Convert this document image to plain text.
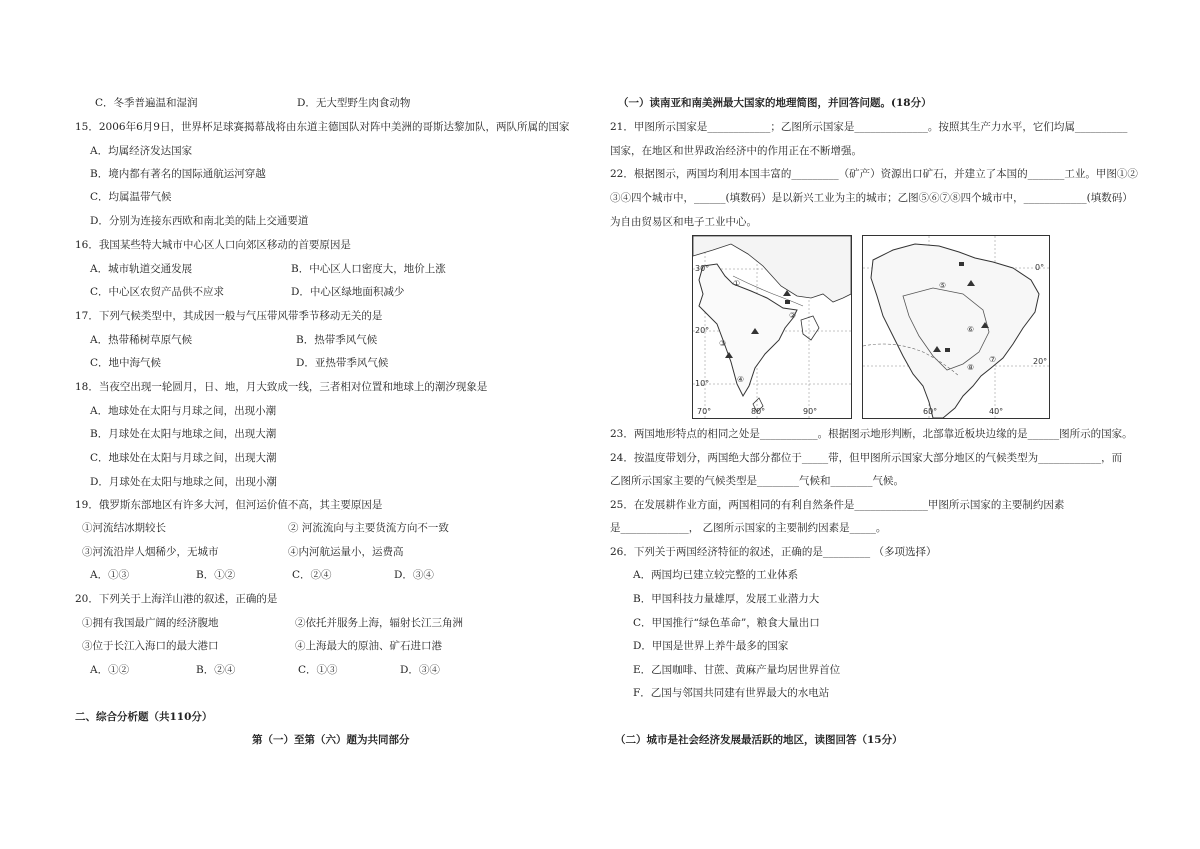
二、综合分析题（共110分）
第（一）至第（六）题为共同部分
（一）读南亚和南美洲最大国家的地理简图，并回答问题。(18分）
（二）城市是社会经济发展最活跃的地区，读图回答（15分）
①
②
③
④
30°
20°
10°
70°	80°	90°
⑤
⑥
⑦
⑧
0°
20°
60°	40°
C．冬季普遍温和湿润	D．无大型野生肉食动物
15．2006年6月9日，世界杯足球赛揭幕战将由东道主德国队对阵中美洲的哥斯达黎加队，两队所属的国家
A．均属经济发达国家
B．境内都有著名的国际通航运河穿越
C．均属温带气候
D．分别为连接东西欧和南北美的陆上交通要道
16．我国某些特大城市中心区人口向郊区移动的首要原因是
A．城市轨道交通发展	B．中心区人口密度大，地价上涨
C．中心区农贸产品供不应求	D．中心区绿地面积减少
17．下列气候类型中，其成因一般与气压带风带季节移动无关的是
A．热带稀树草原气候	B．热带季风气候
C．地中海气候	D．亚热带季风气候
18．当夜空出现一轮圆月，日、地，月大致成一线，三者相对位置和地球上的潮汐现象是
A．地球处在太阳与月球之间，出现小潮
B．月球处在太阳与地球之间，出现大潮
C．地球处在太阳与月球之间，出现大潮
D．月球处在太阳与地球之间，出现小潮
19．俄罗斯东部地区有许多大河，但河运价值不高，其主要原因是
①河流结冰期较长	② 河流流向与主要货流方向不一致
③河流沿岸人烟稀少，无城市	④内河航运量小，运费高
A．①③	B．①②	C．②④	D．③④
20．下列关于上海洋山港的叙述，正确的是
①拥有我国最广阔的经济腹地	②依托并服务上海，辐射长江三角洲
③位于长江入海口的最大港口	④上海最大的原油、矿石进口港
A．①②	B．②④	C．①③	D．③④
21．甲图所示国家是____________；乙图所示国家是______________。按照其生产力水平，它们均属__________
国家，在地区和世界政治经济中的作用正在不断增强。
22．根据图示，两国均利用本国丰富的_________（矿产）资源出口矿石，并建立了本国的_______工业。甲图①②
③④四个城市中，______(填数码）是以新兴工业为主的城市；乙图⑤⑥⑦⑧四个城市中，____________(填数码）
为自由贸易区和电子工业中心。
23．两国地形特点的相同之处是___________。根据图示地形判断，北部靠近板块边缘的是______图所示的国家。
24．按温度带划分，两国绝大部分都位于_____带，但甲图所示国家大部分地区的气候类型为____________，而
乙图所示国家主要的气候类型是________气候和________气候。
25．在发展耕作业方面，两国相同的有利自然条件是______________甲图所示国家的主要制约因素
是_____________， 乙图所示国家的主要制约因素是_____。
26．下列关于两国经济特征的叙述，正确的是_________ （多项选择）
A．两国均已建立较完整的工业体系
B．甲国科技力量雄厚，发展工业潜力大
C．甲国推行“绿色革命”，粮食大量出口
D．甲国是世界上养牛最多的国家
E．乙国咖啡、甘蔗、黄麻产量均居世界首位
F．乙国与邻国共同建有世界最大的水电站
